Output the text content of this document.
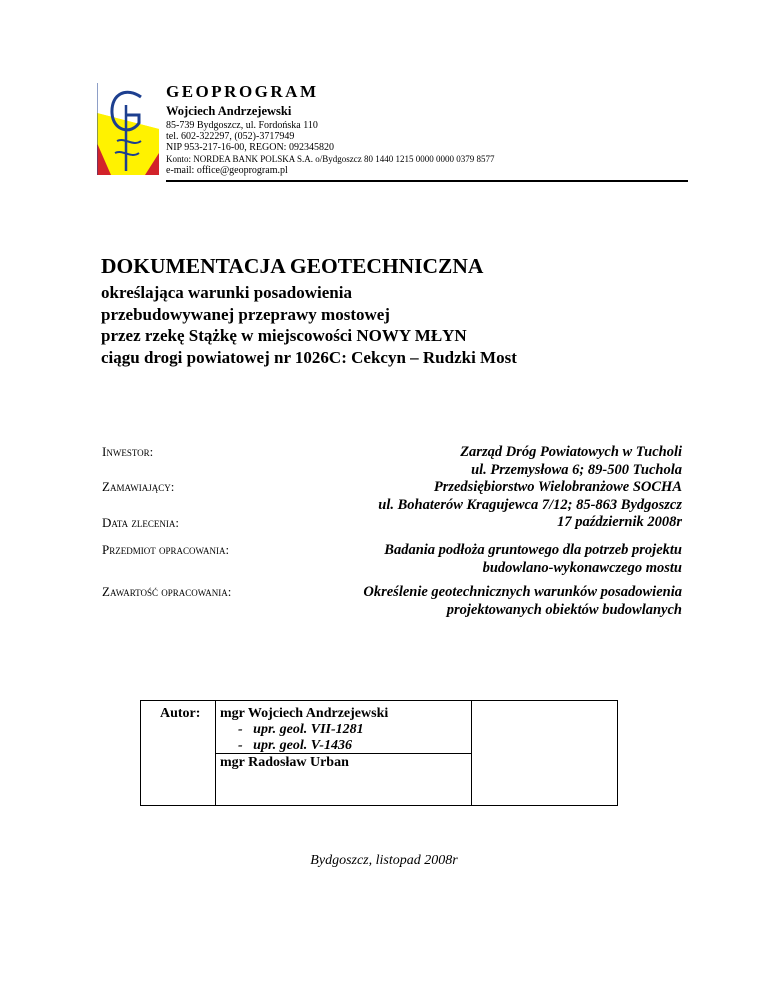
GEOPROGRAM
Wojciech Andrzejewski
85-739 Bydgoszcz, ul. Fordońska 110
tel. 602-322297, (052)-3717949
NIP 953-217-16-00, REGON: 092345820
Konto: NORDEA BANK POLSKA S.A. o/Bydgoszcz 80 1440 1215 0000 0000 0379 8577
e-mail: office@geoprogram.pl
DOKUMENTACJA GEOTECHNICZNA
określająca warunki posadowienia
przebudowywanej przeprawy mostowej
przez rzekę Stążkę w miejscowości NOWY MŁYN
ciągu drogi powiatowej nr 1026C: Cekcyn – Rudzki Most
Inwestor:
Zamawiający:
Data zlecenia:
Przedmiot opracowania:
Zawartość opracowania:
Zarząd Dróg Powiatowych w Tucholi
ul. Przemysłowa 6; 89-500 Tuchola
Przedsiębiorstwo Wielobranżowe SOCHA
ul. Bohaterów Kragujewca 7/12; 85-863 Bydgoszcz
17 październik 2008r
Badania podłoża gruntowego dla potrzeb projektu
budowlano-wykonawczego mostu
Określenie geotechnicznych warunków posadowienia
projektowanych obiektów budowlanych
Autor: mgr Wojciech Andrzejewski
-   upr. geol. VII-1281
-   upr. geol. V-1436
mgr Radosław Urban
Bydgoszcz, listopad 2008r
